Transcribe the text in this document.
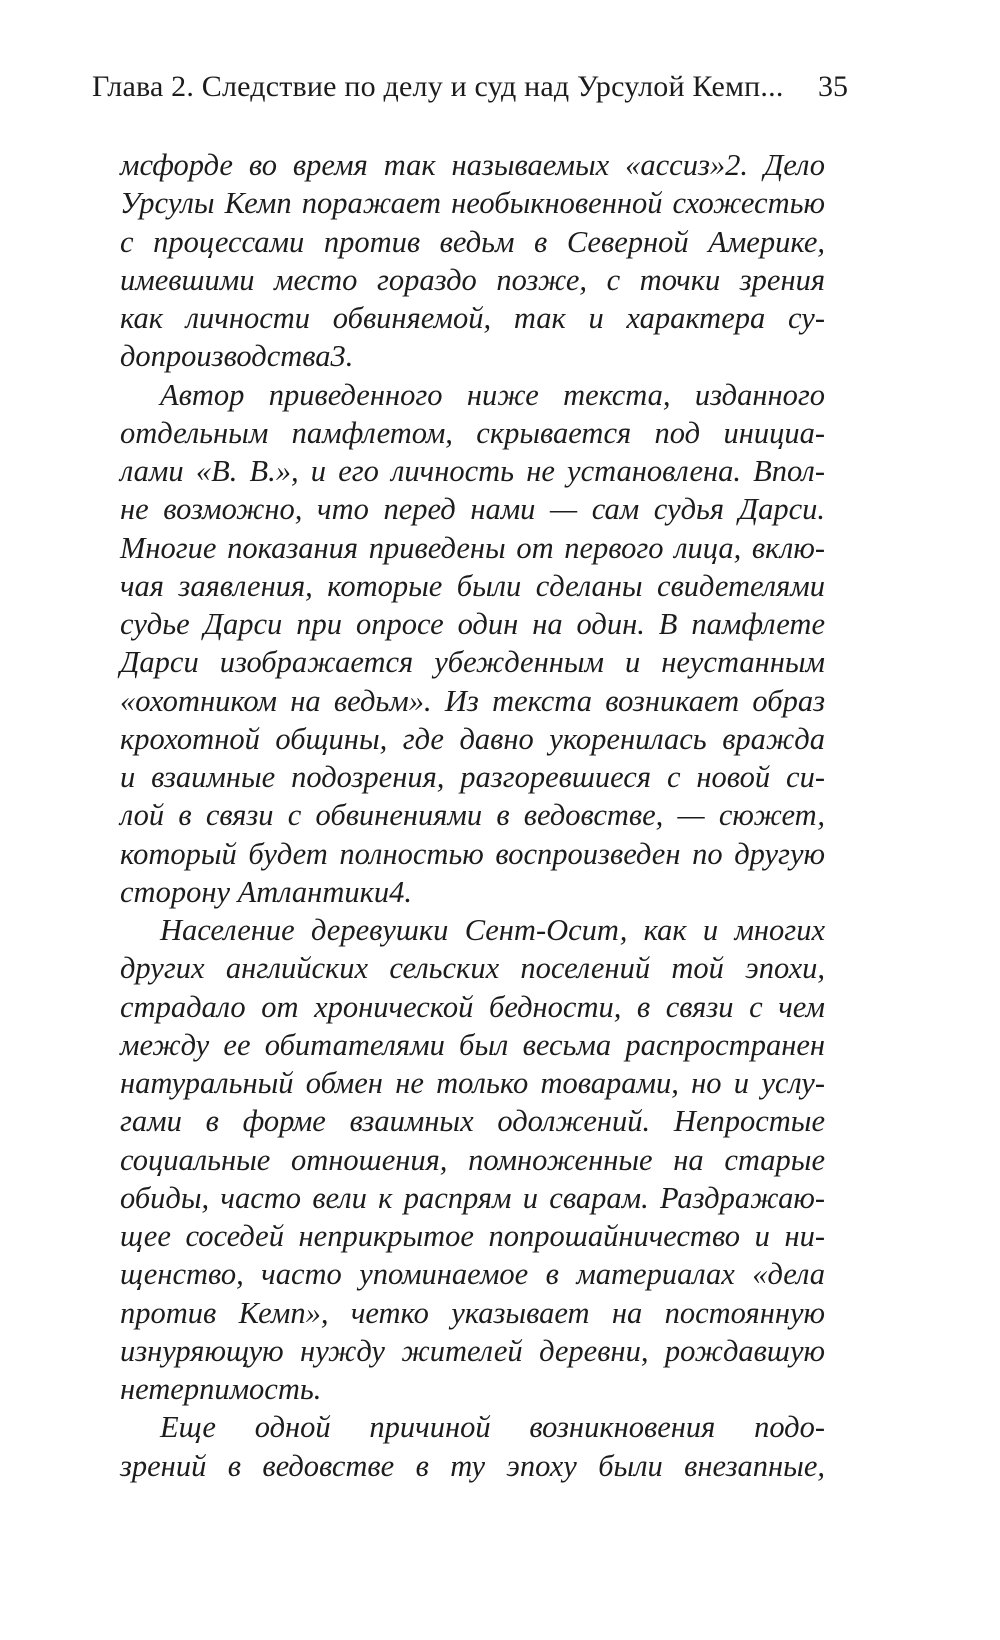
Глава 2. Следствие по делу и суд над Урсулой Кемп... 35
мсфорде во время так называемых «ассиз»2. Дело
Урсулы Кемп поражает необыкновенной схожестью
с процессами против ведьм в Северной Америке,
имевшими место гораздо позже, с точки зрения
как личности обвиняемой, так и характера су-
допроизводства3.
Автор приведенного ниже текста, изданного
отдельным памфлетом, скрывается под инициа-
лами «В. В.», и его личность не установлена. Впол-
не возможно, что перед нами — сам судья Дарси.
Многие показания приведены от первого лица, вклю-
чая заявления, которые были сделаны свидетелями
судье Дарси при опросе один на один. В памфлете
Дарси изображается убежденным и неустанным
«охотником на ведьм». Из текста возникает образ
крохотной общины, где давно укоренилась вражда
и взаимные подозрения, разгоревшиеся с новой си-
лой в связи с обвинениями в ведовстве, — сюжет,
который будет полностью воспроизведен по другую
сторону Атлантики4.
Население деревушки Сент-Осит, как и многих
других английских сельских поселений той эпохи,
страдало от хронической бедности, в связи с чем
между ее обитателями был весьма распространен
натуральный обмен не только товарами, но и услу-
гами в форме взаимных одолжений. Непростые
социальные отношения, помноженные на старые
обиды, часто вели к распрям и сварам. Раздражаю-
щее соседей неприкрытое попрошайничество и ни-
щенство, часто упоминаемое в материалах «дела
против Кемп», четко указывает на постоянную
изнуряющую нужду жителей деревни, рождавшую
нетерпимость.
Еще одной причиной возникновения подо-
зрений в ведовстве в ту эпоху были внезапные,
